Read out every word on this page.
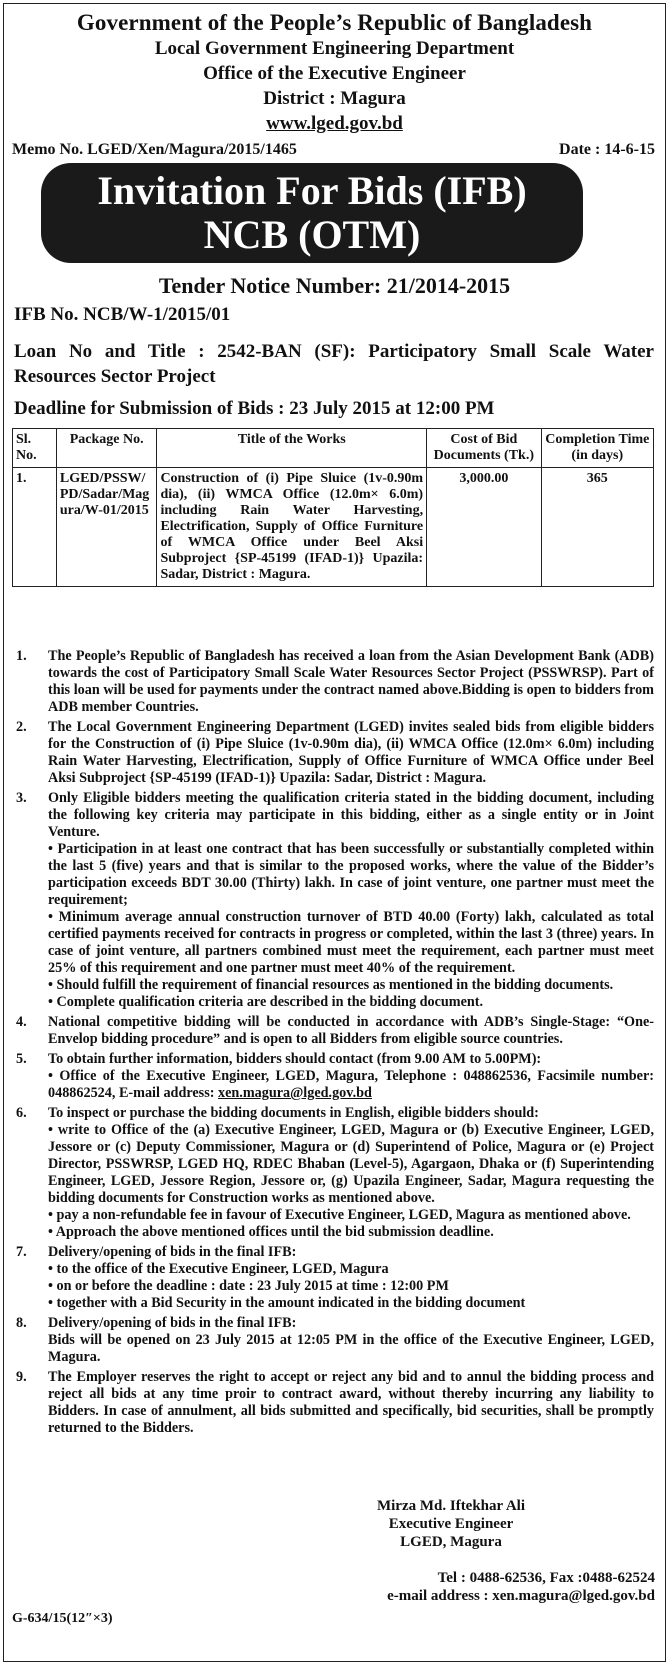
Government of the People’s Republic of Bangladesh
Local Government Engineering Department
Office of the Executive Engineer
District : Magura
www.lged.gov.bd
Memo No. LGED/Xen/Magura/2015/1465	Date : 14-6-15
Invitation For Bids (IFB)
NCB (OTM)
Tender Notice Number: 21/2014-2015
IFB No. NCB/W-1/2015/01
Loan No and Title : 2542-BAN (SF): Participatory Small Scale Water Resources Sector Project
Deadline for Submission of Bids : 23 July 2015 at 12:00 PM
Sl. No.	Package No.	Title of the Works	Cost of Bid Documents (Tk.)	Completion Time (in days)
1.	LGED/PSSW/PD/Sadar/Magura/W-01/2015	Construction of (i) Pipe Sluice (1v-0.90m dia), (ii) WMCA Office (12.0m× 6.0m) including Rain Water Harvesting, Electrification, Supply of Office Furniture of WMCA Office under Beel Aksi Subproject {SP-45199 (IFAD-1)} Upazila: Sadar, District : Magura.	3,000.00	365
1. The People’s Republic of Bangladesh has received a loan from the Asian Development Bank (ADB) towards the cost of Participatory Small Scale Water Resources Sector Project (PSSWRSP). Part of this loan will be used for payments under the contract named above.Bidding is open to bidders from ADB member Countries.
2. The Local Government Engineering Department (LGED) invites sealed bids from eligible bidders for the Construction of (i) Pipe Sluice (1v-0.90m dia), (ii) WMCA Office (12.0m× 6.0m) including Rain Water Harvesting, Electrification, Supply of Office Furniture of WMCA Office under Beel Aksi Subproject {SP-45199 (IFAD-1)} Upazila: Sadar, District : Magura.
3. Only Eligible bidders meeting the qualification criteria stated in the bidding document, including the following key criteria may participate in this bidding, either as a single entity or in Joint Venture.
• Participation in at least one contract that has been successfully or substantially completed within the last 5 (five) years and that is similar to the proposed works, where the value of the Bidder’s participation exceeds BDT 30.00 (Thirty) lakh. In case of joint venture, one partner must meet the requirement;
• Minimum average annual construction turnover of BTD 40.00 (Forty) lakh, calculated as total certified payments received for contracts in progress or completed, within the last 3 (three) years. In case of joint venture, all partners combined must meet the requirement, each partner must meet 25% of this requirement and one partner must meet 40% of the requirement.
• Should fulfill the requirement of financial resources as mentioned in the bidding documents.
• Complete qualification criteria are described in the bidding document.
4. National competitive bidding will be conducted in accordance with ADB’s Single-Stage: “One-Envelop bidding procedure” and is open to all Bidders from eligible source countries.
5. To obtain further information, bidders should contact (from 9.00 AM to 5.00PM):
• Office of the Executive Engineer, LGED, Magura, Telephone : 048862536, Facsimile number: 048862524, E-mail address: xen.magura@lged.gov.bd
6. To inspect or purchase the bidding documents in English, eligible bidders should:
• write to Office of the (a) Executive Engineer, LGED, Magura or (b) Executive Engineer, LGED, Jessore or (c) Deputy Commissioner, Magura or (d) Superintend of Police, Magura or (e) Project Director, PSSWRSP, LGED HQ, RDEC Bhaban (Level-5), Agargaon, Dhaka or (f) Superintending Engineer, LGED, Jessore Region, Jessore or, (g) Upazila Engineer, Sadar, Magura requesting the bidding documents for Construction works as mentioned above.
• pay a non-refundable fee in favour of Executive Engineer, LGED, Magura as mentioned above.
• Approach the above mentioned offices until the bid submission deadline.
7. Delivery/opening of bids in the final IFB:
• to the office of the Executive Engineer, LGED, Magura
• on or before the deadline : date : 23 July 2015 at time : 12:00 PM
• together with a Bid Security in the amount indicated in the bidding document
8. Delivery/opening of bids in the final IFB:
Bids will be opened on 23 July 2015 at 12:05 PM in the office of the Executive Engineer, LGED, Magura.
9. The Employer reserves the right to accept or reject any bid and to annul the bidding process and reject all bids at any time proir to contract award, without thereby incurring any liability to Bidders. In case of annulment, all bids submitted and specifically, bid securities, shall be promptly returned to the Bidders.
Mirza Md. Iftekhar Ali
Executive Engineer
LGED, Magura
Tel : 0488-62536, Fax :0488-62524
e-mail address : xen.magura@lged.gov.bd
G-634/15(12″×3)
